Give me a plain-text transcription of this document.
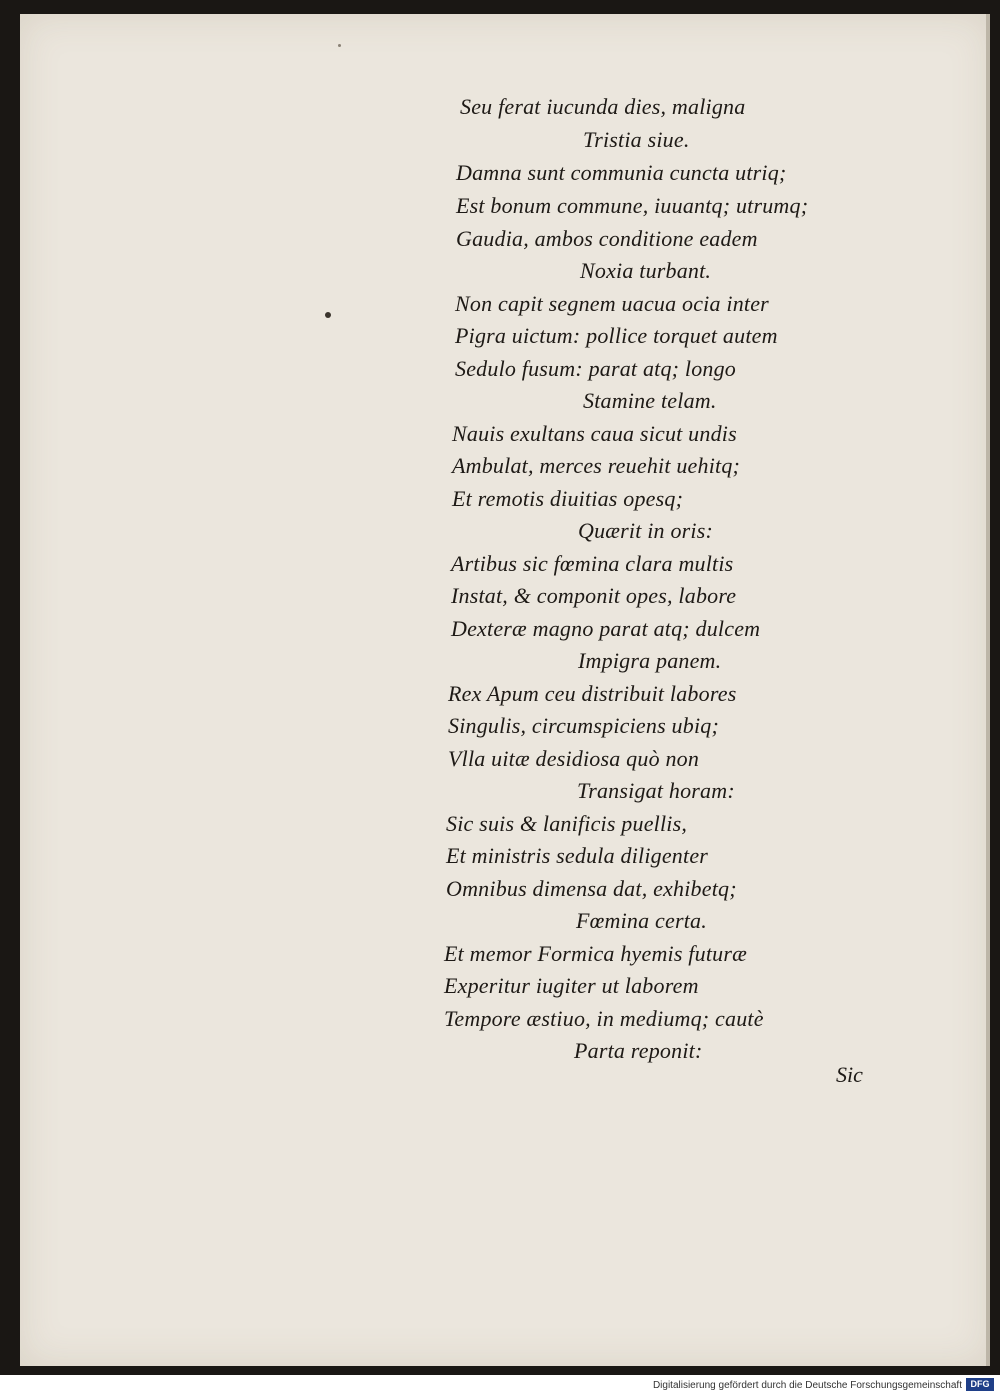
Seu ferat iucunda dies, maligna
Tristia siue.
Damna sunt communia cuncta utriq;
Est bonum commune, iuuantq; utrumq;
Gaudia, ambos conditione eadem
Noxia turbant.
Non capit segnem uacua ocia inter
Pigra uictum: pollice torquet autem
Sedulo fusum: parat atq; longo
Stamine telam.
Nauis exultans caua sicut undis
Ambulat, merces reuehit uehitq;
Et remotis diuitias opesq;
Quærit in oris:
Artibus sic fœmina clara multis
Instat, & componit opes, labore
Dexteræ magno parat atq; dulcem
Impigra panem.
Rex Apum ceu distribuit labores
Singulis, circumspiciens ubiq;
Vlla uitæ desidiosa quò non
Transigat horam:
Sic suis & lanificis puellis,
Et ministris sedula diligenter
Omnibus dimensa dat, exhibetq;
Fœmina certa.
Et memor Formica hyemis futuræ
Experitur iugiter ut laborem
Tempore æstiuo, in mediumq; cautè
Parta reponit:
Sic
Digitalisierung gefördert durch die Deutsche Forschungsgemeinschaft DFG
